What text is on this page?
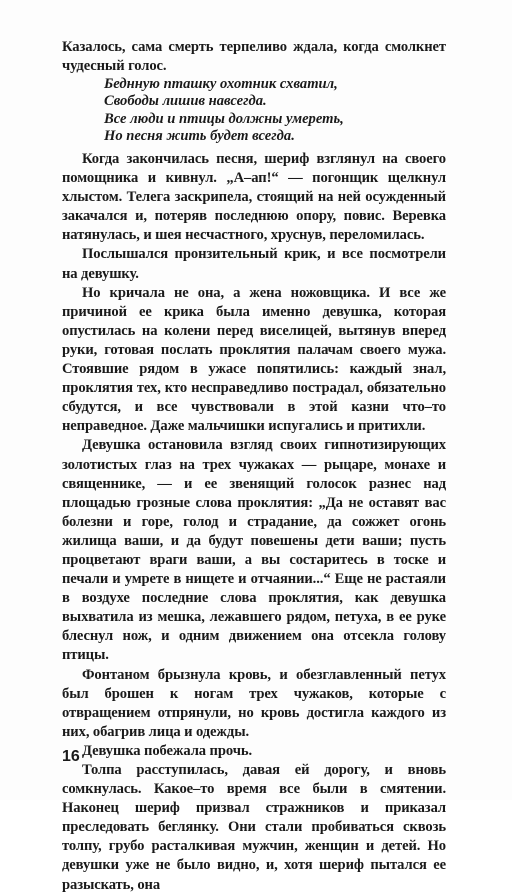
Казалось, сама смерть терпеливо ждала, когда смолкнет чудесный голос.

Беднную пташку охотник схватил,
Свободы лишив навсегда.
Все люди и птицы должны умереть,
Но песня жить будет всегда.

Когда закончилась песня, шериф взглянул на своего помощника и кивнул. „А–ап!“ — погонщик щелкнул хлыстом. Телега заскрипела, стоящий на ней осужденный закачался и, потеряв последнюю опору, повис. Веревка натянулась, и шея несчастного, хруснув, переломилась.

Послышался пронзительный крик, и все посмотрели на девушку.

Но кричала не она, а жена ножовщика. И все же причиной ее крика была именно девушка, которая опустилась на колени перед виселицей, вытянув вперед руки, готовая послать проклятия палачам своего мужа. Стоявшие рядом в ужасе попятились: каждый знал, проклятия тех, кто несправедливо пострадал, обязательно сбудутся, и все чувствовали в этой казни что–то неправедное. Даже мальчишки испугались и притихли.

Девушка остановила взгляд своих гипнотизирующих золотистых глаз на трех чужаках — рыцаре, монахе и священнике, — и ее звенящий голосок разнес над площадью грозные слова проклятия: „Да не оставят вас болезни и горе, голод и страдание, да сожжет огонь жилища ваши, и да будут повешены дети ваши; пусть процветают враги ваши, а вы состаритесь в тоске и печали и умрете в нищете и отчаянии...“ Еще не растаяли в воздухе последние слова проклятия, как девушка выхватила из мешка, лежавшего рядом, петуха, в ее руке блеснул нож, и одним движением она отсекла голову птицы.

Фонтаном брызнула кровь, и обезглавленный петух был брошен к ногам трех чужаков, которые с отвращением отпрянули, но кровь достигла каждого из них, обагрив лица и одежды.

Девушка побежала прочь.

Толпа расступилась, давая ей дорогу, и вновь сомкнулась. Какое–то время все были в смятении. Наконец шериф призвал стражников и приказал преследовать беглянку. Они стали пробиваться сквозь толпу, грубо расталкивая мужчин, женщин и детей. Но девушки уже не было видно, и, хотя шериф пытался ее разыскать, она

16
